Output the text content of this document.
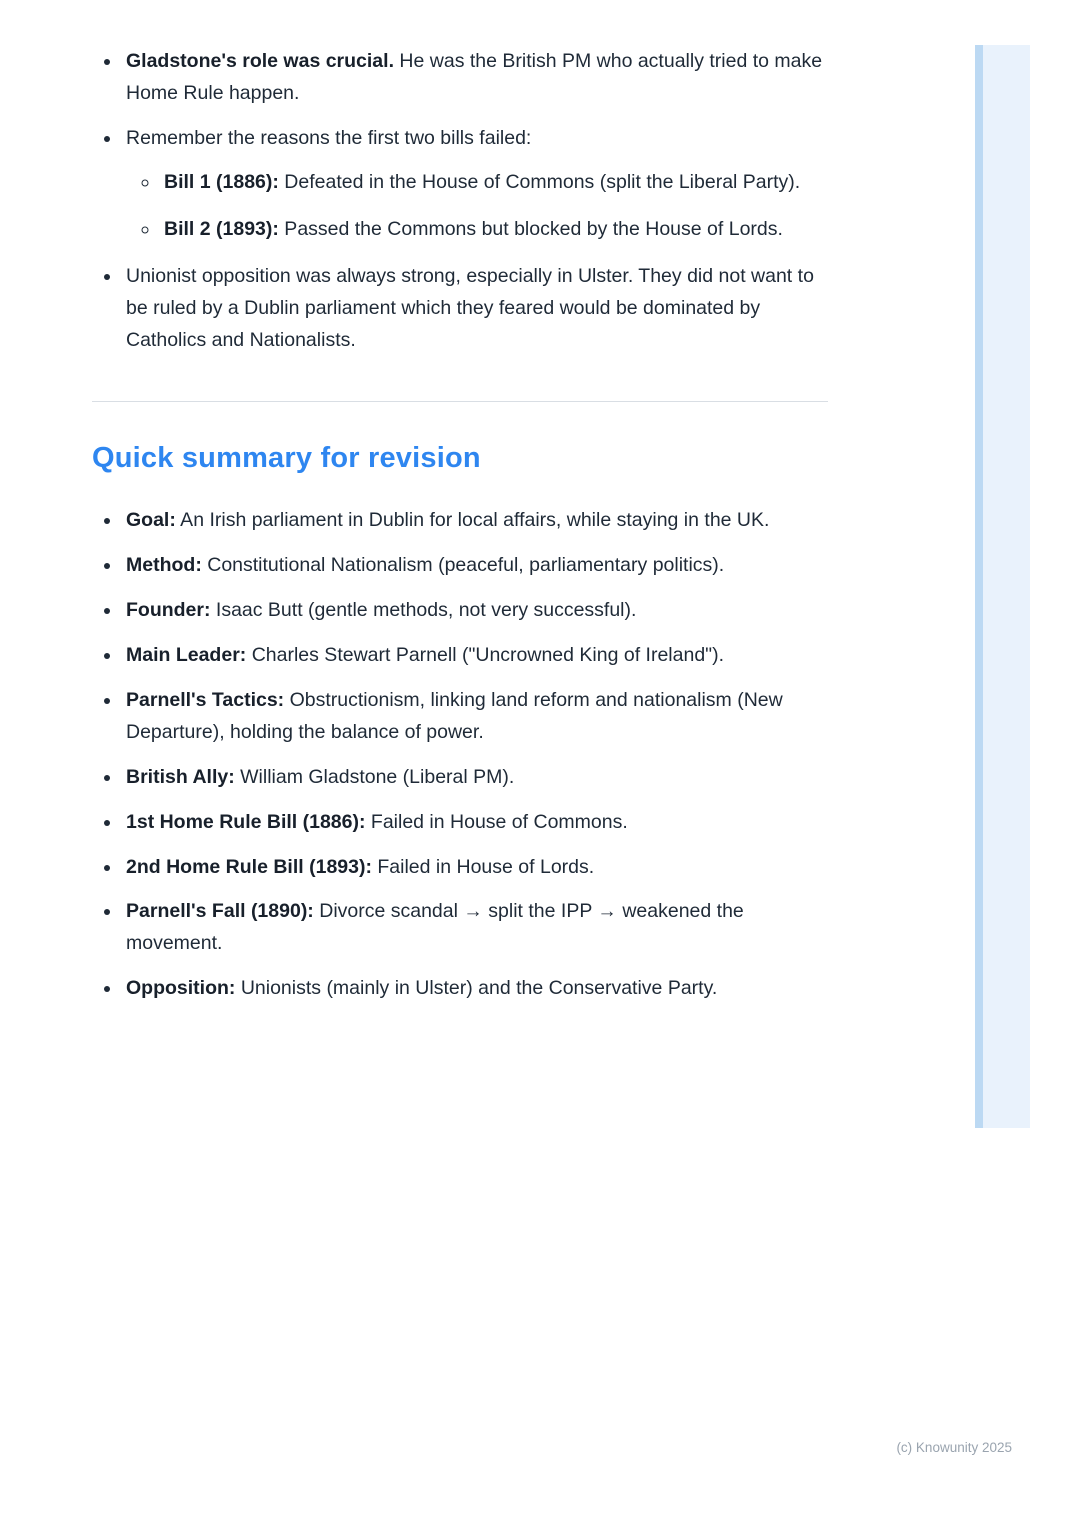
• Gladstone's role was crucial. He was the British PM who actually tried to make Home Rule happen.
• Remember the reasons the first two bills failed:
◦ Bill 1 (1886): Defeated in the House of Commons (split the Liberal Party).
◦ Bill 2 (1893): Passed the Commons but blocked by the House of Lords.
• Unionist opposition was always strong, especially in Ulster. They did not want to be ruled by a Dublin parliament which they feared would be dominated by Catholics and Nationalists.
Quick summary for revision
• Goal: An Irish parliament in Dublin for local affairs, while staying in the UK.
• Method: Constitutional Nationalism (peaceful, parliamentary politics).
• Founder: Isaac Butt (gentle methods, not very successful).
• Main Leader: Charles Stewart Parnell ("Uncrowned King of Ireland").
• Parnell's Tactics: Obstructionism, linking land reform and nationalism (New Departure), holding the balance of power.
• British Ally: William Gladstone (Liberal PM).
• 1st Home Rule Bill (1886): Failed in House of Commons.
• 2nd Home Rule Bill (1893): Failed in House of Lords.
• Parnell's Fall (1890): Divorce scandal → split the IPP → weakened the movement.
• Opposition: Unionists (mainly in Ulster) and the Conservative Party.
(c) Knowunity 2025
